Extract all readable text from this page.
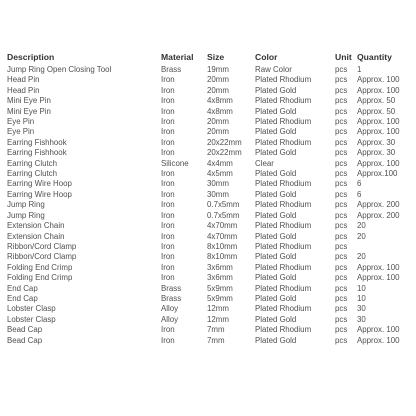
Description	Material	Size	Color	Unit	Quantity
Jump Ring Open Closing Tool	Brass	19mm	Raw Color	pcs	1
Head Pin	Iron	20mm	Plated Rhodium	pcs	Approx. 100
Head Pin	Iron	20mm	Plated Gold	pcs	Approx. 100
Mini Eye Pin	Iron	4x8mm	Plated Rhodium	pcs	Approx. 50
Mini Eye Pin	Iron	4x8mm	Plated Gold	pcs	Approx. 50
Eye Pin	Iron	20mm	Plated Rhodium	pcs	Approx. 100
Eye Pin	Iron	20mm	Plated Gold	pcs	Approx. 100
Earring Fishhook	Iron	20x22mm	Plated Rhodium	pcs	Approx. 30
Earring Fishhook	Iron	20x22mm	Plated Gold	pcs	Approx. 30
Earring Clutch	Silicone	4x4mm	Clear	pcs	Approx. 100
Earring Clutch	Iron	4x5mm	Plated Gold	pcs	Approx.100
Earring Wire Hoop	Iron	30mm	Plated Rhodium	pcs	6
Earring Wire Hoop	Iron	30mm	Plated Gold	pcs	6
Jump Ring	Iron	0.7x5mm	Plated Rhodium	pcs	Approx. 200
Jump Ring	Iron	0.7x5mm	Plated Gold	pcs	Approx. 200
Extension Chain	Iron	4x70mm	Plated Rhodium	pcs	20
Extension Chain	Iron	4x70mm	Plated Gold	pcs	20
Ribbon/Cord Clamp	Iron	8x10mm	Plated Rhodium	pcs	
Ribbon/Cord Clamp	Iron	8x10mm	Plated Gold	pcs	20
Folding End Crimp	Iron	3x6mm	Plated Rhodium	pcs	Approx. 100
Folding End Crimp	Iron	3x6mm	Plated Gold	pcs	Approx. 100
End Cap	Brass	5x9mm	Plated Rhodium	pcs	10
End Cap	Brass	5x9mm	Plated Gold	pcs	10
Lobster Clasp	Alloy	12mm	Plated Rhodium	pcs	30
Lobster Clasp	Alloy	12mm	Plated Gold	pcs	30
Bead Cap	Iron	7mm	Plated Rhodium	pcs	Approx. 100
Bead Cap	Iron	7mm	Plated Gold	pcs	Approx. 100
